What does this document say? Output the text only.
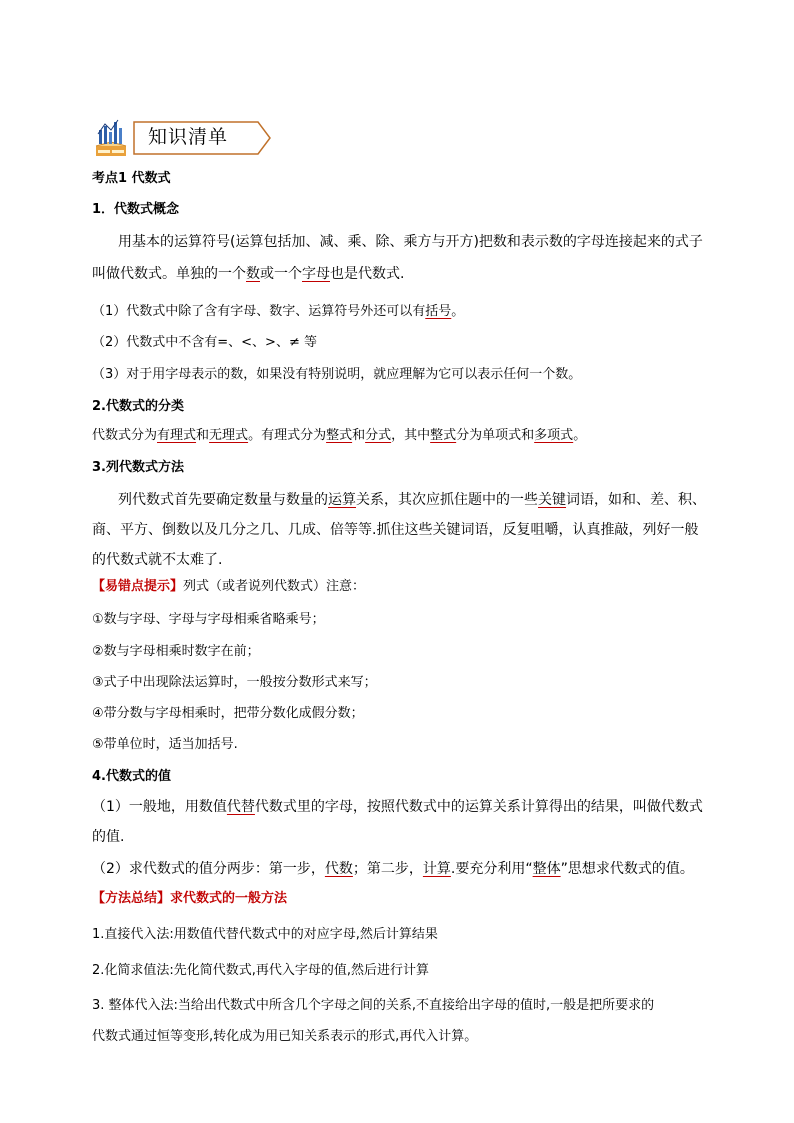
知识清单
考点1 代数式
1．代数式概念
用基本的运算符号(运算包括加、减、乘、除、乘方与开方)把数和表示数的字母连接起来的式子
叫做代数式。单独的一个数或一个字母也是代数式.
（1）代数式中除了含有字母、数字、运算符号外还可以有括号。
（2）代数式中不含有=、<、>、≠ 等
（3）对于用字母表示的数，如果没有特别说明，就应理解为它可以表示任何一个数。
2.代数式的分类
代数式分为有理式和无理式。有理式分为整式和分式，其中整式分为单项式和多项式。
3.列代数式方法
列代数式首先要确定数量与数量的运算关系，其次应抓住题中的一些关键词语，如和、差、积、
商、平方、倒数以及几分之几、几成、倍等等.抓住这些关键词语，反复咀嚼，认真推敲，列好一般
的代数式就不太难了.
【易错点提示】列式（或者说列代数式）注意：
①数与字母、字母与字母相乘省略乘号；
②数与字母相乘时数字在前；
③式子中出现除法运算时，一般按分数形式来写；
④带分数与字母相乘时，把带分数化成假分数；
⑤带单位时，适当加括号.
4.代数式的值
（1）一般地，用数值代替代数式里的字母，按照代数式中的运算关系计算得出的结果，叫做代数式
的值.
（2）求代数式的值分两步：第一步，代数；第二步，计算.要充分利用“整体”思想求代数式的值。
【方法总结】求代数式的一般方法
1.直接代入法:用数值代替代数式中的对应字母,然后计算结果
2.化简求值法:先化简代数式,再代入字母的值,然后进行计算
3. 整体代入法:当给出代数式中所含几个字母之间的关系,不直接给出字母的值时,一般是把所要求的
代数式通过恒等变形,转化成为用已知关系表示的形式,再代入计算。
